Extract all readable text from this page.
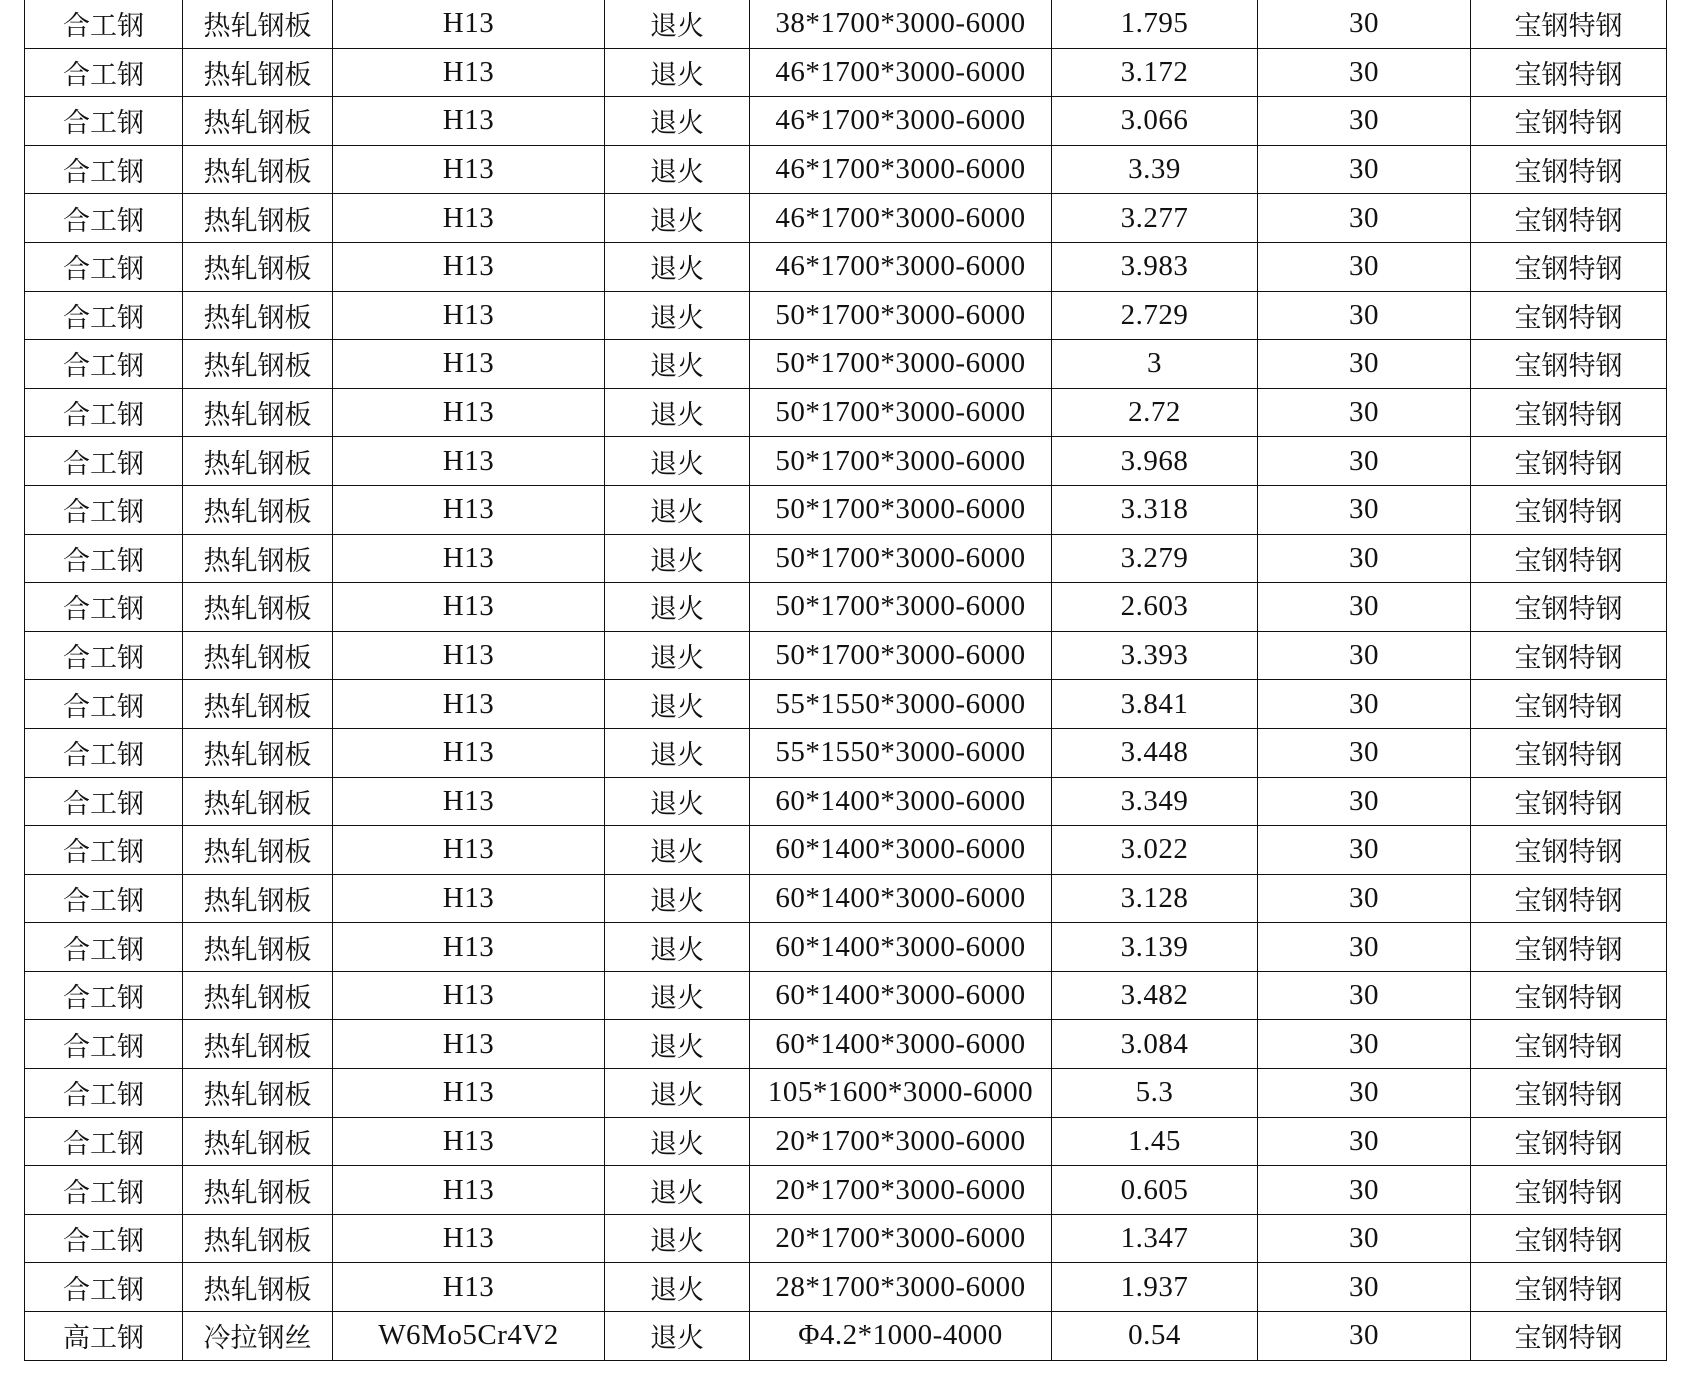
合工钢	热轧钢板	H13	退火	38*1700*3000-6000	1.795	30	宝钢特钢
合工钢	热轧钢板	H13	退火	46*1700*3000-6000	3.172	30	宝钢特钢
合工钢	热轧钢板	H13	退火	46*1700*3000-6000	3.066	30	宝钢特钢
合工钢	热轧钢板	H13	退火	46*1700*3000-6000	3.39	30	宝钢特钢
合工钢	热轧钢板	H13	退火	46*1700*3000-6000	3.277	30	宝钢特钢
合工钢	热轧钢板	H13	退火	46*1700*3000-6000	3.983	30	宝钢特钢
合工钢	热轧钢板	H13	退火	50*1700*3000-6000	2.729	30	宝钢特钢
合工钢	热轧钢板	H13	退火	50*1700*3000-6000	3	30	宝钢特钢
合工钢	热轧钢板	H13	退火	50*1700*3000-6000	2.72	30	宝钢特钢
合工钢	热轧钢板	H13	退火	50*1700*3000-6000	3.968	30	宝钢特钢
合工钢	热轧钢板	H13	退火	50*1700*3000-6000	3.318	30	宝钢特钢
合工钢	热轧钢板	H13	退火	50*1700*3000-6000	3.279	30	宝钢特钢
合工钢	热轧钢板	H13	退火	50*1700*3000-6000	2.603	30	宝钢特钢
合工钢	热轧钢板	H13	退火	50*1700*3000-6000	3.393	30	宝钢特钢
合工钢	热轧钢板	H13	退火	55*1550*3000-6000	3.841	30	宝钢特钢
合工钢	热轧钢板	H13	退火	55*1550*3000-6000	3.448	30	宝钢特钢
合工钢	热轧钢板	H13	退火	60*1400*3000-6000	3.349	30	宝钢特钢
合工钢	热轧钢板	H13	退火	60*1400*3000-6000	3.022	30	宝钢特钢
合工钢	热轧钢板	H13	退火	60*1400*3000-6000	3.128	30	宝钢特钢
合工钢	热轧钢板	H13	退火	60*1400*3000-6000	3.139	30	宝钢特钢
合工钢	热轧钢板	H13	退火	60*1400*3000-6000	3.482	30	宝钢特钢
合工钢	热轧钢板	H13	退火	60*1400*3000-6000	3.084	30	宝钢特钢
合工钢	热轧钢板	H13	退火	105*1600*3000-6000	5.3	30	宝钢特钢
合工钢	热轧钢板	H13	退火	20*1700*3000-6000	1.45	30	宝钢特钢
合工钢	热轧钢板	H13	退火	20*1700*3000-6000	0.605	30	宝钢特钢
合工钢	热轧钢板	H13	退火	20*1700*3000-6000	1.347	30	宝钢特钢
合工钢	热轧钢板	H13	退火	28*1700*3000-6000	1.937	30	宝钢特钢
高工钢	冷拉钢丝	W6Mo5Cr4V2	退火	Φ4.2*1000-4000	0.54	30	宝钢特钢
